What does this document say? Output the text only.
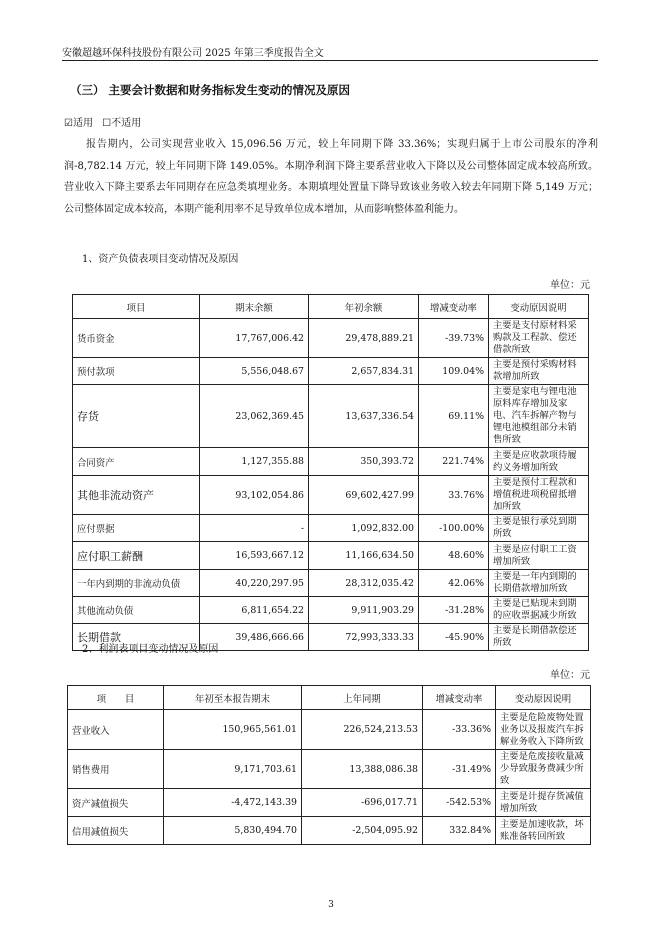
安徽超越环保科技股份有限公司 2025 年第三季度报告全文
（三） 主要会计数据和财务指标发生变动的情况及原因
☑适用 ☐不适用
报告期内，公司实现营业收入 15,096.56 万元，较上年同期下降 33.36%；实现归属于上市公司股东的净利润-8,782.14 万元，较上年同期下降 149.05%。本期净利润下降主要系营业收入下降以及公司整体固定成本较高所致。营业收入下降主要系去年同期存在应急类填埋业务。本期填埋处置量下降导致该业务收入较去年同期下降 5,149 万元；公司整体固定成本较高，本期产能利用率不足导致单位成本增加，从而影响整体盈利能力。
1、资产负债表项目变动情况及原因
单位：元
项目	期末余额	年初余额	增减变动率	变动原因说明
货币资金	17,767,006.42	29,478,889.21	-39.73%	主要是支付原材料采购款及工程款、偿还借款所致
预付款项	5,556,048.67	2,657,834.31	109.04%	主要是预付采购材料款增加所致
存货	23,062,369.45	13,637,336.54	69.11%	主要是家电与锂电池原料库存增加及家电、汽车拆解产物与锂电池模组部分未销售所致
合同资产	1,127,355.88	350,393.72	221.74%	主要是应收款项待履约义务增加所致
其他非流动资产	93,102,054.86	69,602,427.99	33.76%	主要是预付工程款和增值税进项税留抵增加所致
应付票据	-	1,092,832.00	-100.00%	主要是银行承兑到期所致
应付职工薪酬	16,593,667.12	11,166,634.50	48.60%	主要是应付职工工资增加所致
一年内到期的非流动负债	40,220,297.95	28,312,035.42	42.06%	主要是一年内到期的长期借款增加所致
其他流动负债	6,811,654.22	9,911,903.29	-31.28%	主要是已贴现未到期的应收票据减少所致
长期借款	39,486,666.66	72,993,333.33	-45.90%	主要是长期借款偿还所致
2、利润表项目变动情况及原因
单位：元
项　　目	年初至本报告期末	上年同期	增减变动率	变动原因说明
营业收入	150,965,561.01	226,524,213.53	-33.36%	主要是危险废物处置业务以及报废汽车拆解业务收入下降所致
销售费用	9,171,703.61	13,388,086.38	-31.49%	主要是危废接收量减少导致服务费减少所致
资产减值损失	-4,472,143.39	-696,017.71	-542.53%	主要是计提存货减值增加所致
信用减值损失	5,830,494.70	-2,504,095.92	332.84%	主要是加速收款，坏账准备转回所致
3
